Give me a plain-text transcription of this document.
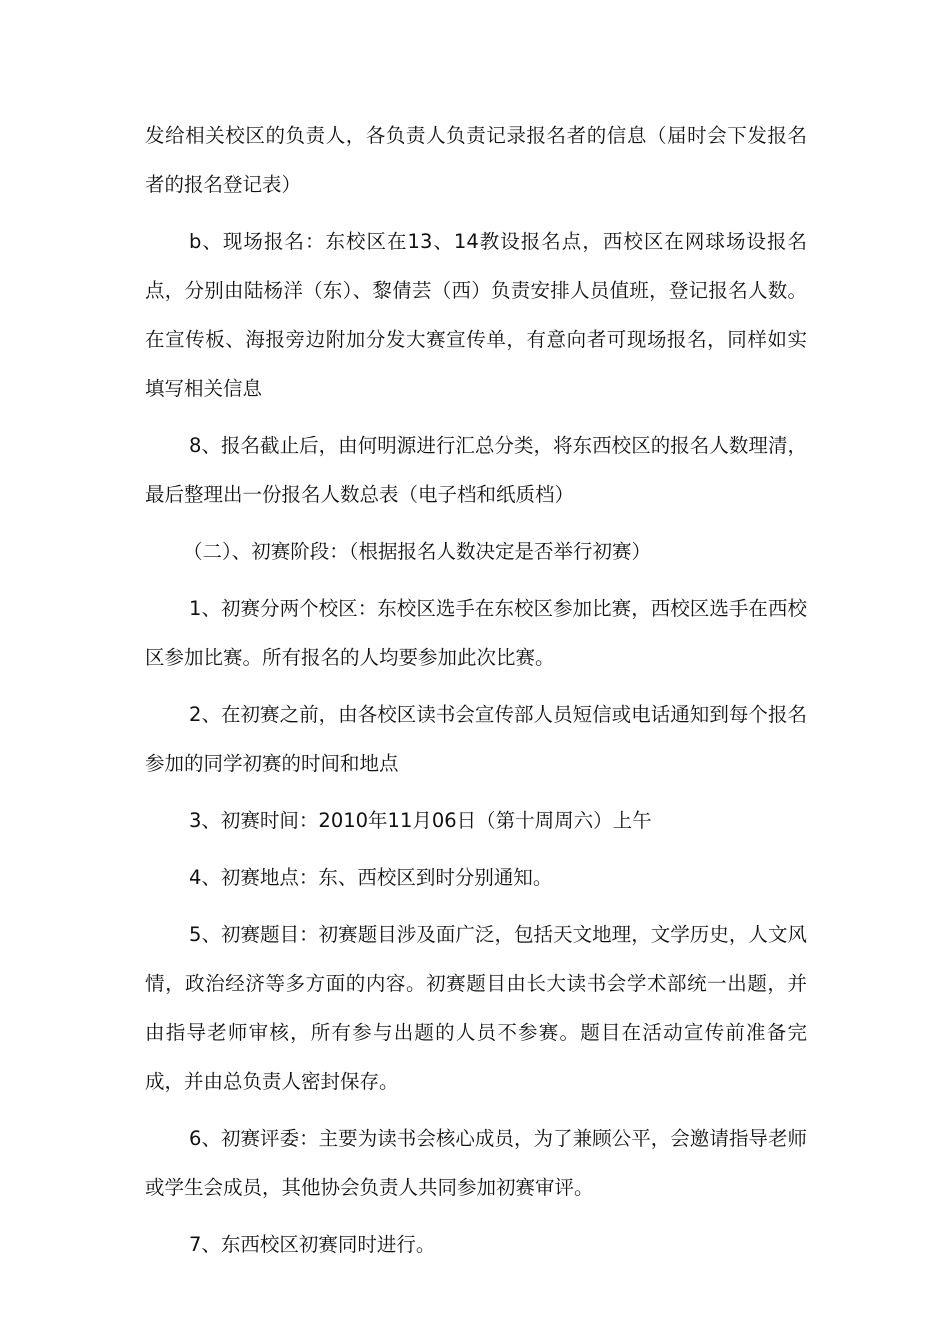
发给相关校区的负责人，各负责人负责记录报名者的信息（届时会下发报名者的报名登记表）

b、现场报名：东校区在13、14教设报名点，西校区在网球场设报名点，分别由陆杨洋（东）、黎倩芸（西）负责安排人员值班，登记报名人数。在宣传板、海报旁边附加分发大赛宣传单，有意向者可现场报名，同样如实填写相关信息

8、报名截止后，由何明源进行汇总分类，将东西校区的报名人数理清，最后整理出一份报名人数总表（电子档和纸质档）

（二）、初赛阶段：（根据报名人数决定是否举行初赛）

1、初赛分两个校区：东校区选手在东校区参加比赛，西校区选手在西校区参加比赛。所有报名的人均要参加此次比赛。

2、在初赛之前，由各校区读书会宣传部人员短信或电话通知到每个报名参加的同学初赛的时间和地点

3、初赛时间：2010年11月06日（第十周周六）上午

4、初赛地点：东、西校区到时分别通知。

5、初赛题目：初赛题目涉及面广泛，包括天文地理，文学历史，人文风情，政治经济等多方面的内容。初赛题目由长大读书会学术部统一出题，并由指导老师审核，所有参与出题的人员不参赛。题目在活动宣传前准备完成，并由总负责人密封保存。

6、初赛评委：主要为读书会核心成员，为了兼顾公平，会邀请指导老师或学生会成员，其他协会负责人共同参加初赛审评。

7、东西校区初赛同时进行。
